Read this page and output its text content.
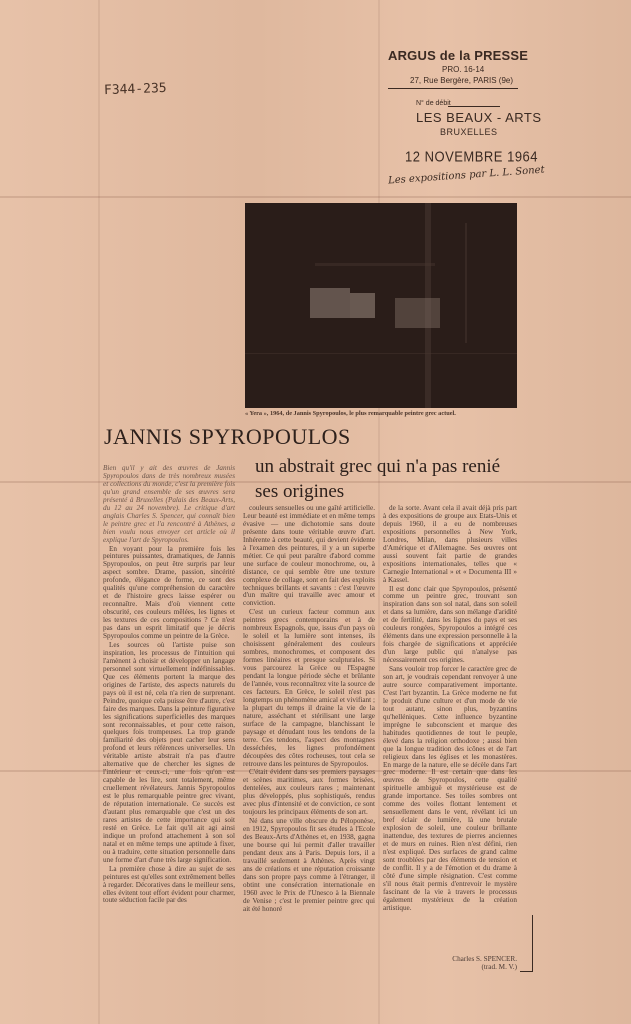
F344-235
ARGUS de la PRESSE
PRO. 16-14
27, Rue Bergère, PARIS (9e)
N° de débit
LES BEAUX - ARTS
BRUXELLES
12 NOVEMBRE 1964
Les expositions par L. L. Sonet
« Yera », 1964, de Jannis Spyropoulos, le plus remarquable peintre grec actuel.
JANNIS SPYROPOULOS
un abstrait grec qui n'a pas renié ses origines

Bien qu'il y ait des œuvres de Jannis Spyropoulos dans de très nombreux musées et collections du monde, c'est la première fois qu'un grand ensemble de ses œuvres sera présenté à Bruxelles (Palais des Beaux-Arts, du 12 au 24 novembre). Le critique d'art anglais Charles S. Spencer, qui connaît bien le peintre grec et l'a rencontré à Athènes, a bien voulu nous envoyer cet article où il explique l'art de Spyropoulos.

En voyant pour la première fois les peintures puissantes, dramatiques, de Jannis Spyropoulos, on peut être surpris par leur aspect sombre. Drame, passion, sincérité profonde, élégance de forme, ce sont des qualités qu'une compréhension du caractère et de l'histoire grecs laisse espérer ou reconnaître. Mais d'où viennent cette obscurité, ces couleurs mêlées, les lignes et les textures de ces compositions ? Ce n'est pas dans un esprit limitatif que je décris Spyropoulos comme un peintre de la Grèce.

Les sources où l'artiste puise son inspiration, les processus de l'intuition qui l'amènent à choisir et développer un langage personnel sont virtuellement indéfinissables. Que ces éléments portent la marque des origines de l'artiste, des aspects naturels du pays où il est né, cela n'a rien de surprenant. Peindre, quoique cela puisse être d'autre, c'est faire des marques. Dans la peinture figurative les significations superficielles des marques sont reconnaissables, et pour cette raison, quelques fois trompeuses. La trop grande familiarité des objets peut cacher leur sens profond et leurs références universelles. Un véritable artiste abstrait n'a pas d'autre alternative que de chercher les signes de l'intérieur et ceux-ci, une fois qu'on est capable de les lire, sont totalement, même cruellement révélateurs. Jannis Spyropoulos est le plus remarquable peintre grec vivant, de réputation internationale. Ce succès est d'autant plus remarquable que c'est un des rares artistes de cette importance qui soit resté en Grèce. Le fait qu'il ait agi ainsi indique un profond attachement à son sol natal et en même temps une aptitude à fixer, ou à traduire, cette situation personnelle dans une forme d'art d'une très large signification.

La première chose à dire au sujet de ses peintures est qu'elles sont extrêmement belles à regarder. Décoratives dans le meilleur sens, elles évitent tout effort évident pour charmer, toute séduction facile par des

couleurs sensuelles ou une gaîté artificielle. Leur beauté est immédiate et en même temps évasive — une dichotomie sans doute présente dans toute véritable œuvre d'art. Inhérente à cette beauté, qui devient évidente à l'examen des peintures, il y a un superbe métier. Ce qui peut paraître d'abord comme une surface de couleur monochrome, ou, à distance, ce qui semble être une texture complexe de collage, sont en fait des exploits techniques brillants et savants : c'est l'œuvre d'un maître qui travaille avec amour et conviction.

C'est un curieux facteur commun aux peintres grecs contemporains et à de nombreux Espagnols, que, issus d'un pays où le soleil et la lumière sont intenses, ils choisissent généralement des couleurs sombres, monochromes, et composent des formes linéaires et presque sculpturales. Si vous parcourez la Grèce ou l'Espagne pendant la longue période sèche et brûlante de l'année, vous reconnaîtrez vite la source de ces facteurs. En Grèce, le soleil n'est pas longtemps un phénomène amical et vivifiant ; la plupart du temps il draine la vie de la nature, asséchant et stérilisant une large surface de la campagne, blanchissant le paysage et dénudant tous les tendons de la terre. Ces tendons, l'aspect des montagnes desséchées, les lignes profondément découpées des côtes rocheuses, tout cela se retrouve dans les peintures de Spyropoulos.

C'était évident dans ses premiers paysages et scènes maritimes, aux formes brisées, dentelées, aux couleurs rares ; maintenant plus développés, plus sophistiqués, rendus avec plus d'intensité et de conviction, ce sont toujours les principaux éléments de son art.

Né dans une ville obscure du Péloponèse, en 1912, Spyropoulos fit ses études à l'Ecole des Beaux-Arts d'Athènes et, en 1938, gagna une bourse qui lui permit d'aller travailler pendant deux ans à Paris. Depuis lors, il a travaillé seulement à Athènes. Après vingt ans de créations et une réputation croissante dans son propre pays comme à l'étranger, il obtint une consécration internationale en 1960 avec le Prix de l'Unesco à la Biennale de Venise ; c'est le premier peintre grec qui ait été honoré

de la sorte. Avant cela il avait déjà pris part à des expositions de groupe aux Etats-Unis et depuis 1960, il a eu de nombreuses expositions personnelles à New York, Londres, Milan, dans plusieurs villes d'Amérique et d'Allemagne. Ses œuvres ont aussi souvent fait partie de grandes expositions internationales, telles que « Carnegie International » et « Documenta III » à Kassel.

Il est donc clair que Spyropoulos, présenté comme un peintre grec, trouvant son inspiration dans son sol natal, dans son soleil et dans sa lumière, dans son mélange d'aridité et de fertilité, dans les lignes du pays et ses couleurs rongées, Spyropoulos a intégré ces éléments dans une expression personnelle à la fois chargée de significations et appréciée d'un large public qui n'analyse pas nécessairement ces origines.

Sans vouloir trop forcer le caractère grec de son art, je voudrais cependant renvoyer à une autre source comparativement importante. C'est l'art byzantin. La Grèce moderne ne fut le produit d'une culture et d'un mode de vie tout autant, sinon plus, byzantins qu'helléniques. Cette influence byzantine imprègne le subconscient et marque des habitudes quotidiennes de tout le peuple, élevé dans la religion orthodoxe ; aussi bien que la longue tradition des icônes et de l'art religieux dans les églises et les monastères. En marge de la nature, elle se décèle dans l'art grec moderne. Il est certain que dans les œuvres de Spyropoulos, cette qualité spirituelle ambiguë et mystérieuse est de grande importance. Ses toiles sombres ont comme des voiles flottant lentement et sensuellement dans le vent, révélant ici un bref éclair de lumière, là une brutale explosion de soleil, une couleur brillante inattendue, des textures de pierres anciennes et de murs en ruines. Rien n'est défini, rien n'est expliqué. Des surfaces de grand calme sont troublées par des éléments de tension et de conflit. Il y a de l'émotion et du drame à côté d'une simple résignation. C'est comme s'il nous était permis d'entrevoir le mystère fascinant de la vie à travers le processus également mystérieux de la création artistique.

Charles S. SPENCER.
(trad. M. V.)
